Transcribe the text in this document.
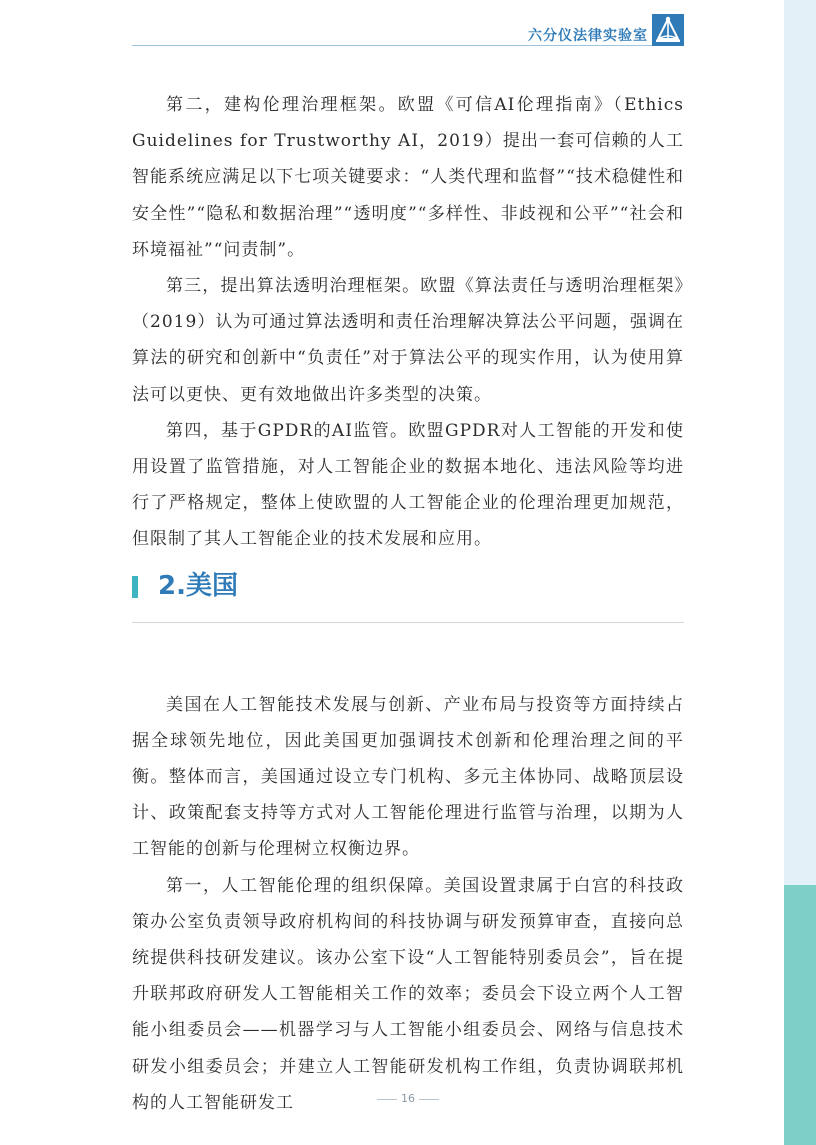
六分仪法律实验室

第二，建构伦理治理框架。欧盟《可信AI伦理指南》（Ethics Guidelines for Trustworthy AI，2019）提出一套可信赖的人工智能系统应满足以下七项关键要求：“人类代理和监督”“技术稳健性和安全性”“隐私和数据治理”“透明度”“多样性、非歧视和公平”“社会和环境福祉”“问责制”。

第三，提出算法透明治理框架。欧盟《算法责任与透明治理框架》（2019）认为可通过算法透明和责任治理解决算法公平问题，强调在算法的研究和创新中“负责任”对于算法公平的现实作用，认为使用算法可以更快、更有效地做出许多类型的决策。

第四，基于GPDR的AI监管。欧盟GPDR对人工智能的开发和使用设置了监管措施，对人工智能企业的数据本地化、违法风险等均进行了严格规定，整体上使欧盟的人工智能企业的伦理治理更加规范，但限制了其人工智能企业的技术发展和应用。

2.美国

美国在人工智能技术发展与创新、产业布局与投资等方面持续占据全球领先地位，因此美国更加强调技术创新和伦理治理之间的平衡。整体而言，美国通过设立专门机构、多元主体协同、战略顶层设计、政策配套支持等方式对人工智能伦理进行监管与治理，以期为人工智能的创新与伦理树立权衡边界。

第一，人工智能伦理的组织保障。美国设置隶属于白宫的科技政策办公室负责领导政府机构间的科技协调与研发预算审查，直接向总统提供科技研发建议。该办公室下设“人工智能特别委员会”，旨在提升联邦政府研发人工智能相关工作的效率；委员会下设立两个人工智能小组委员会——机器学习与人工智能小组委员会、网络与信息技术研发小组委员会；并建立人工智能研发机构工作组，负责协调联邦机构的人工智能研发工	16
